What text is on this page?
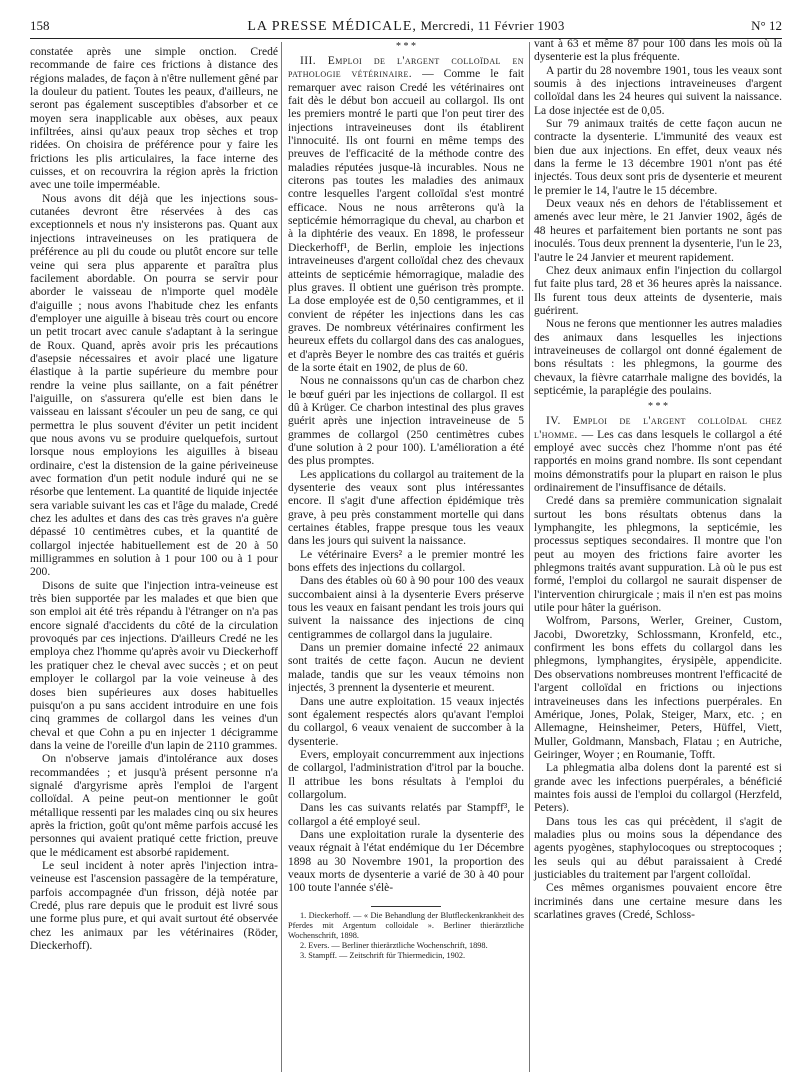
158	LA PRESSE MÉDICALE, Mercredi, 11 Février 1903	N° 12

constatée après une simple onction. Credé recommande de faire ces frictions à distance des régions malades, de façon à n'être nullement gêné par la douleur du patient. Toutes les peaux, d'ailleurs, ne seront pas également susceptibles d'absorber et ce moyen sera inapplicable aux obèses, aux peaux infiltrées, ainsi qu'aux peaux trop sèches et trop ridées. On choisira de préférence pour y faire les frictions les plis articulaires, la face interne des cuisses, et on recouvrira la région après la friction avec une toile imperméable.

Nous avons dit déjà que les injections sous-cutanées devront être réservées à des cas exceptionnels et nous n'y insisterons pas. Quant aux injections intraveineuses on les pratiquera de préférence au pli du coude ou plutôt encore sur telle veine qui sera plus apparente et paraîtra plus facilement abordable. On pourra se servir pour aborder le vaisseau de n'importe quel modèle d'aiguille ; nous avons l'habitude chez les enfants d'employer une aiguille à biseau très court ou encore un petit trocart avec canule s'adaptant à la seringue de Roux. Quand, après avoir pris les précautions d'asepsie nécessaires et avoir placé une ligature élastique à la partie supérieure du membre pour rendre la veine plus saillante, on a fait pénétrer l'aiguille, on s'assurera qu'elle est bien dans le vaisseau en laissant s'écouler un peu de sang, ce qui permettra le plus souvent d'éviter un petit incident que nous avons vu se produire quelquefois, surtout lorsque nous employions les aiguilles à biseau ordinaire, c'est la distension de la gaine périveineuse avec formation d'un petit nodule induré qui ne se résorbe que lentement. La quantité de liquide injectée sera variable suivant les cas et l'âge du malade, Credé chez les adultes et dans des cas très graves n'a guère dépassé 10 centimètres cubes, et la quantité de collargol injectée habituellement est de 20 à 50 milligrammes en solution à 1 pour 100 ou à 1 pour 200.

Disons de suite que l'injection intra-veineuse est très bien supportée par les malades et que bien que son emploi ait été très répandu à l'étranger on n'a pas encore signalé d'accidents du côté de la circulation provoqués par ces injections. D'ailleurs Credé ne les employa chez l'homme qu'après avoir vu Dieckerhoff les pratiquer chez le cheval avec succès ; et on peut employer le collargol par la voie veineuse à des doses bien supérieures aux doses habituelles puisqu'on a pu sans accident introduire en une fois cinq grammes de collargol dans les veines d'un cheval et que Cohn a pu en injecter 1 décigramme dans la veine de l'oreille d'un lapin de 2110 grammes.

On n'observe jamais d'intolérance aux doses recommandées ; et jusqu'à présent personne n'a signalé d'argyrisme après l'emploi de l'argent colloïdal. A peine peut-on mentionner le goût métallique ressenti par les malades cinq ou six heures après la friction, goût qu'ont même parfois accusé les personnes qui avaient pratiqué cette friction, preuve que le médicament est absorbé rapidement.

Le seul incident à noter après l'injection intra-veineuse est l'ascension passagère de la température, parfois accompagnée d'un frisson, déjà notée par Credé, plus rare depuis que le produit est livré sous une forme plus pure, et qui avait surtout été observée chez les animaux par les vétérinaires (Röder, Dieckerhoff).

* * *

III. Emploi de l'argent colloïdal en pathologie vétérinaire. — Comme le fait remarquer avec raison Credé les vétérinaires ont fait dès le début bon accueil au collargol. Ils ont les premiers montré le parti que l'on peut tirer des injections intraveineuses dont ils établirent l'innocuité. Ils ont fourni en même temps des preuves de l'efficacité de la méthode contre des maladies réputées jusque-là incurables. Nous ne citerons pas toutes les maladies des animaux contre lesquelles l'argent colloïdal s'est montré efficace. Nous ne nous arrêterons qu'à la septicémie hémorragique du cheval, au charbon et à la diphtérie des veaux. En 1898, le professeur Dieckerhoff¹, de Berlin, emploie les injections intraveineuses d'argent colloïdal chez des chevaux atteints de septicémie hémorragique, maladie des plus graves. Il obtient une guérison très prompte. La dose employée est de 0,50 centigrammes, et il convient de répéter les injections dans les cas graves. De nombreux vétérinaires confirment les heureux effets du collargol dans des cas analogues, et d'après Beyer le nombre des cas traités et guéris de la sorte était en 1902, de plus de 60.

Nous ne connaissons qu'un cas de charbon chez le bœuf guéri par les injections de collargol. Il est dû à Krüger. Ce charbon intestinal des plus graves guérit après une injection intraveineuse de 5 grammes de collargol (250 centimètres cubes d'une solution à 2 pour 100). L'amélioration a été des plus promptes.

Les applications du collargol au traitement de la dysenterie des veaux sont plus intéressantes encore. Il s'agit d'une affection épidémique très grave, à peu près constamment mortelle qui dans certaines étables, frappe presque tous les veaux dans les jours qui suivent la naissance.

Le vétérinaire Evers² a le premier montré les bons effets des injections du collargol.

Dans des étables où 60 à 90 pour 100 des veaux succombaient ainsi à la dysenterie Evers préserve tous les veaux en faisant pendant les trois jours qui suivent la naissance des injections de cinq centigrammes de collargol dans la jugulaire.

Dans un premier domaine infecté 22 animaux sont traités de cette façon. Aucun ne devient malade, tandis que sur les veaux témoins non injectés, 3 prennent la dysenterie et meurent.

Dans une autre exploitation. 15 veaux injectés sont également respectés alors qu'avant l'emploi du collargol, 6 veaux venaient de succomber à la dysenterie.

Evers, employait concurremment aux injections de collargol, l'administration d'itrol par la bouche. Il attribue les bons résultats à l'emploi du collargolum.

Dans les cas suivants relatés par Stampff³, le collargol a été employé seul.

Dans une exploitation rurale la dysenterie des veaux régnait à l'état endémique du 1er Décembre 1898 au 30 Novembre 1901, la proportion des veaux morts de dysenterie a varié de 30 à 40 pour 100 toute l'année s'élè-

1. Dieckerhoff. — « Die Behandlung der Blutfleckenkrankheit des Pferdes mit Argentum colloidale ». Berliner thierärztliche Wochenschrift, 1898.

2. Evers. — Berliner thierärztliche Wochenschrift, 1898.

3. Stampff. — Zeitschrift für Thiermedicin, 1902.

vant à 63 et même 87 pour 100 dans les mois où la dysenterie est la plus fréquente.

A partir du 28 novembre 1901, tous les veaux sont soumis à des injections intraveineuses d'argent colloïdal dans les 24 heures qui suivent la naissance. La dose injectée est de 0,05.

Sur 79 animaux traités de cette façon aucun ne contracte la dysenterie. L'immunité des veaux est bien due aux injections. En effet, deux veaux nés dans la ferme le 13 décembre 1901 n'ont pas été injectés. Tous deux sont pris de dysenterie et meurent le premier le 14, l'autre le 15 décembre.

Deux veaux nés en dehors de l'établissement et amenés avec leur mère, le 21 Janvier 1902, âgés de 48 heures et parfaitement bien portants ne sont pas inoculés. Tous deux prennent la dysenterie, l'un le 23, l'autre le 24 Janvier et meurent rapidement.

Chez deux animaux enfin l'injection du collargol fut faite plus tard, 28 et 36 heures après la naissance. Ils furent tous deux atteints de dysenterie, mais guérirent.

Nous ne ferons que mentionner les autres maladies des animaux dans lesquelles les injections intraveineuses de collargol ont donné également de bons résultats : les phlegmons, la gourme des chevaux, la fièvre catarrhale maligne des bovidés, la septicémie, la paraplégie des poulains.

* * *

IV. Emploi de l'argent colloïdal chez l'homme. — Les cas dans lesquels le collargol a été employé avec succès chez l'homme n'ont pas été rapportés en moins grand nombre. Ils sont cependant moins démonstratifs pour la plupart en raison le plus ordinairement de l'insuffisance de détails.

Credé dans sa première communication signalait surtout les bons résultats obtenus dans la lymphangite, les phlegmons, la septicémie, les processus septiques secondaires. Il montre que l'on peut au moyen des frictions faire avorter les phlegmons traités avant suppuration. Là où le pus est formé, l'emploi du collargol ne saurait dispenser de l'intervention chirurgicale ; mais il n'en est pas moins utile pour hâter la guérison.

Wolfrom, Parsons, Werler, Greiner, Custom, Jacobi, Dworetzky, Schlossmann, Kronfeld, etc., confirment les bons effets du collargol dans les phlegmons, lymphangites, érysipèle, appendicite. Des observations nombreuses montrent l'efficacité de l'argent colloïdal en frictions ou injections intraveineuses dans les infections puerpérales. En Amérique, Jones, Polak, Steiger, Marx, etc. ; en Allemagne, Heinsheimer, Peters, Hüffel, Viett, Muller, Goldmann, Mansbach, Flatau ; en Autriche, Geiringer, Woyer ; en Roumanie, Tofft.

La phlegmatia alba dolens dont la parenté est si grande avec les infections puerpérales, a bénéficié maintes fois aussi de l'emploi du collargol (Herzfeld, Peters).

Dans tous les cas qui précèdent, il s'agit de maladies plus ou moins sous la dépendance des agents pyogènes, staphylocoques ou streptocoques ; les seuls qui au début paraissaient à Credé justiciables du traitement par l'argent colloïdal.

Ces mêmes organismes pouvaient encore être incriminés dans une certaine mesure dans les scarlatines graves (Credé, Schloss-
